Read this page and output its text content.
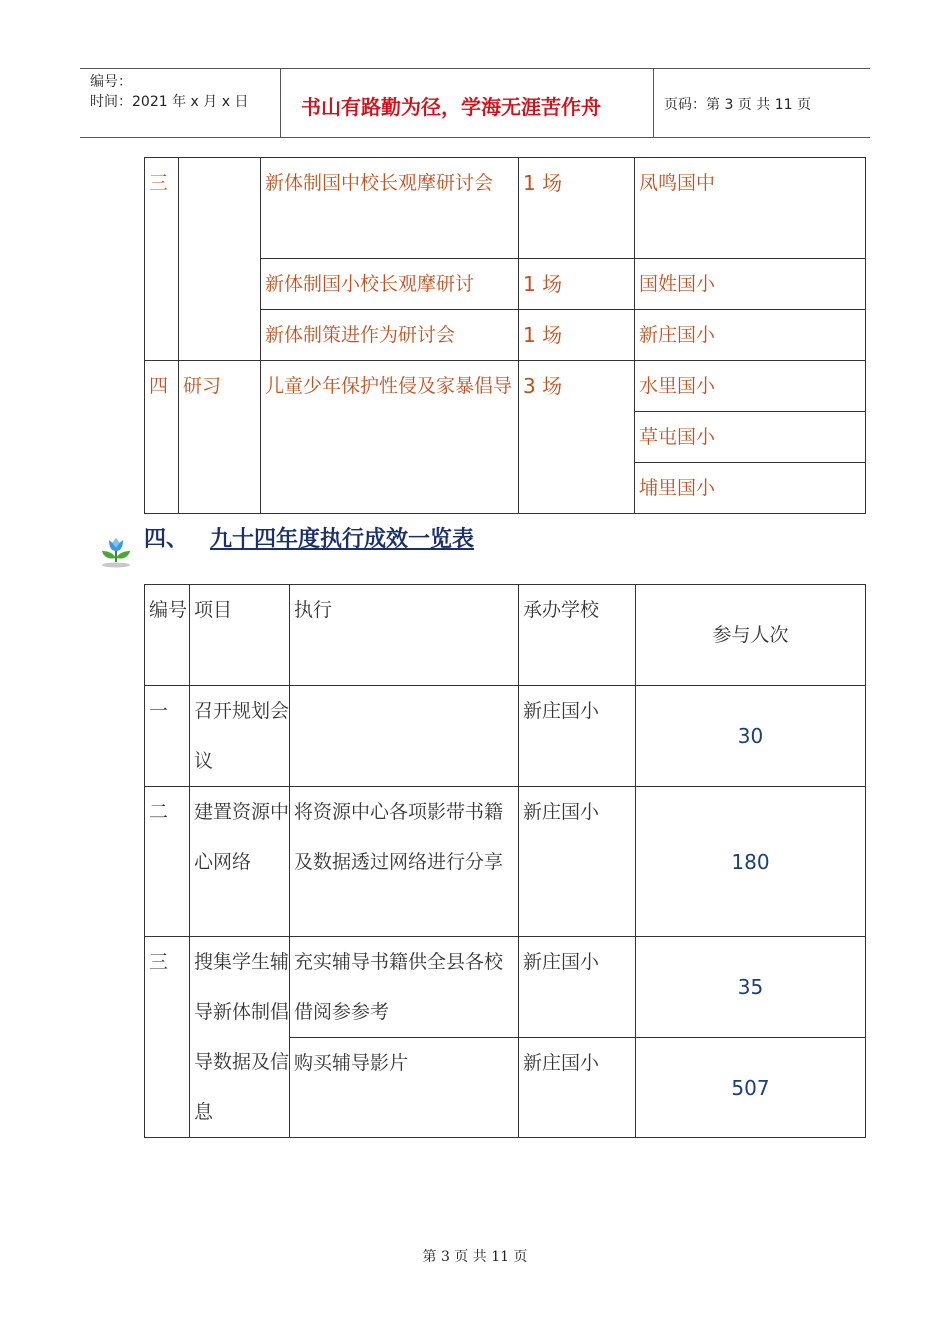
编号：
时间：2021 年 x 月 x 日	书山有路勤为径，学海无涯苦作舟	页码：第 3 页 共 11 页
三		新体制国中校长观摩研讨会	1 场	凤鸣国中
		新体制国小校长观摩研讨	1 场	国姓国小
		新体制策进作为研讨会	1 场	新庄国小
四	研习	儿童少年保护性侵及家暴倡导	3 场	水里国小
				草屯国小
				埔里国小
四、 九十四年度执行成效一览表
编号	项目	执行	承办学校	参与人次
一	召开规划会议		新庄国小	30
二	建置资源中心网络	将资源中心各项影带书籍及数据透过网络进行分享	新庄国小	180
三	搜集学生辅导新体制倡导数据及信息	充实辅导书籍供全县各校借阅参参考	新庄国小	35
		购买辅导影片	新庄国小	507
第 3 页 共 11 页
